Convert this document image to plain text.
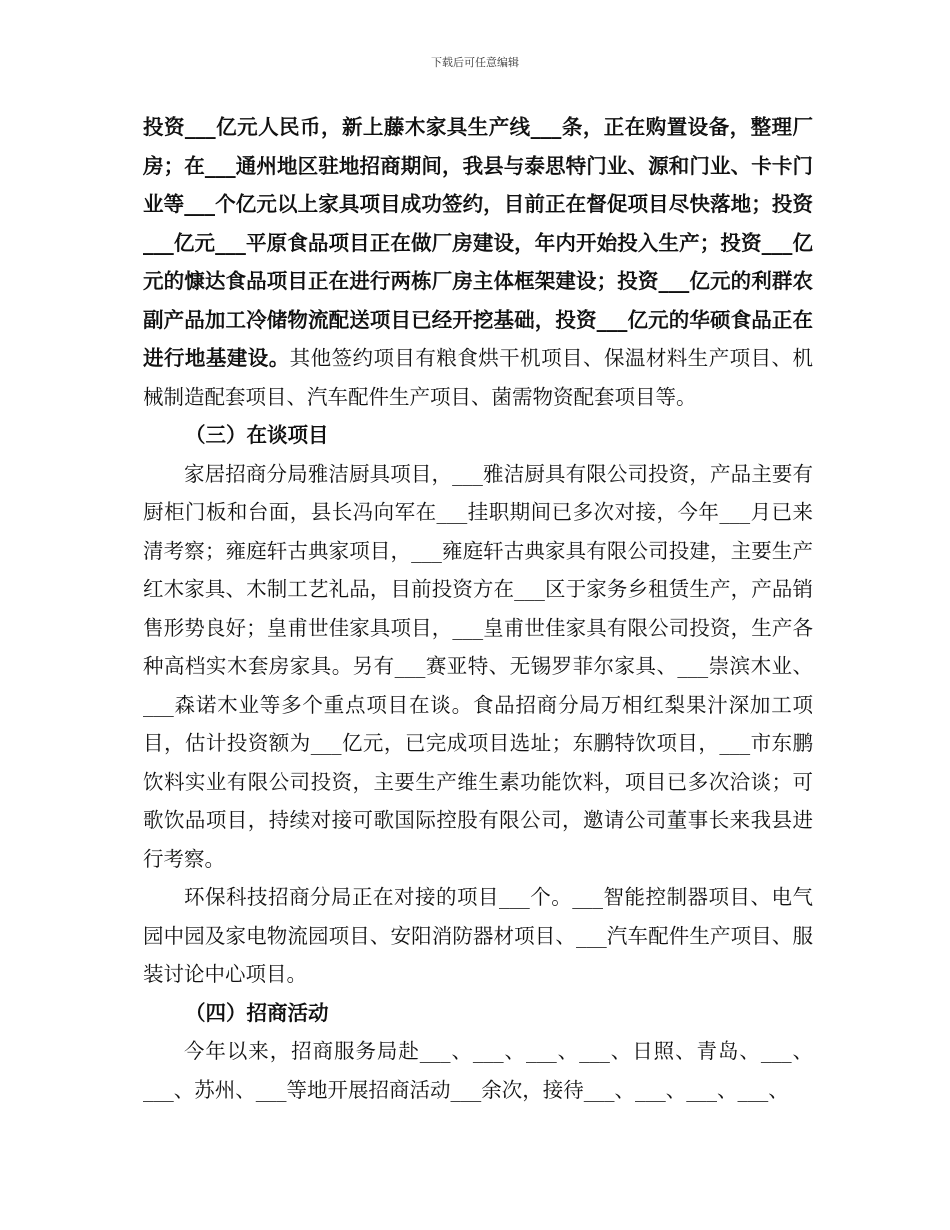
下载后可任意编辑

投资___亿元人民币，新上藤木家具生产线___条，正在购置设备，整理厂房；在___通州地区驻地招商期间，我县与泰思特门业、源和门业、卡卡门业等___个亿元以上家具项目成功签约，目前正在督促项目尽快落地；投资___亿元___平原食品项目正在做厂房建设，年内开始投入生产；投资___亿元的慷达食品项目正在进行两栋厂房主体框架建设；投资___亿元的利群农副产品加工冷储物流配送项目已经开挖基础，投资___亿元的华硕食品正在进行地基建设。其他签约项目有粮食烘干机项目、保温材料生产项目、机械制造配套项目、汽车配件生产项目、菌需物资配套项目等。

（三）在谈项目

家居招商分局雅洁厨具项目，___雅洁厨具有限公司投资，产品主要有厨柜门板和台面，县长冯向军在___挂职期间已多次对接，今年___月已来清考察；雍庭轩古典家项目，___雍庭轩古典家具有限公司投建，主要生产红木家具、木制工艺礼品，目前投资方在___区于家务乡租赁生产，产品销售形势良好；皇甫世佳家具项目，___皇甫世佳家具有限公司投资，生产各种高档实木套房家具。另有___赛亚特、无锡罗菲尔家具、___崇滨木业、___森诺木业等多个重点项目在谈。食品招商分局万相红梨果汁深加工项目，估计投资额为___亿元，已完成项目选址；东鹏特饮项目，___市东鹏饮料实业有限公司投资，主要生产维生素功能饮料，项目已多次洽谈；可歌饮品项目，持续对接可歌国际控股有限公司，邀请公司董事长来我县进行考察。

环保科技招商分局正在对接的项目___个。___智能控制器项目、电气园中园及家电物流园项目、安阳消防器材项目、___汽车配件生产项目、服装讨论中心项目。

（四）招商活动

今年以来，招商服务局赴___、___、___、___、日照、青岛、___、___、苏州、___等地开展招商活动___余次，接待___、___、___、___、
